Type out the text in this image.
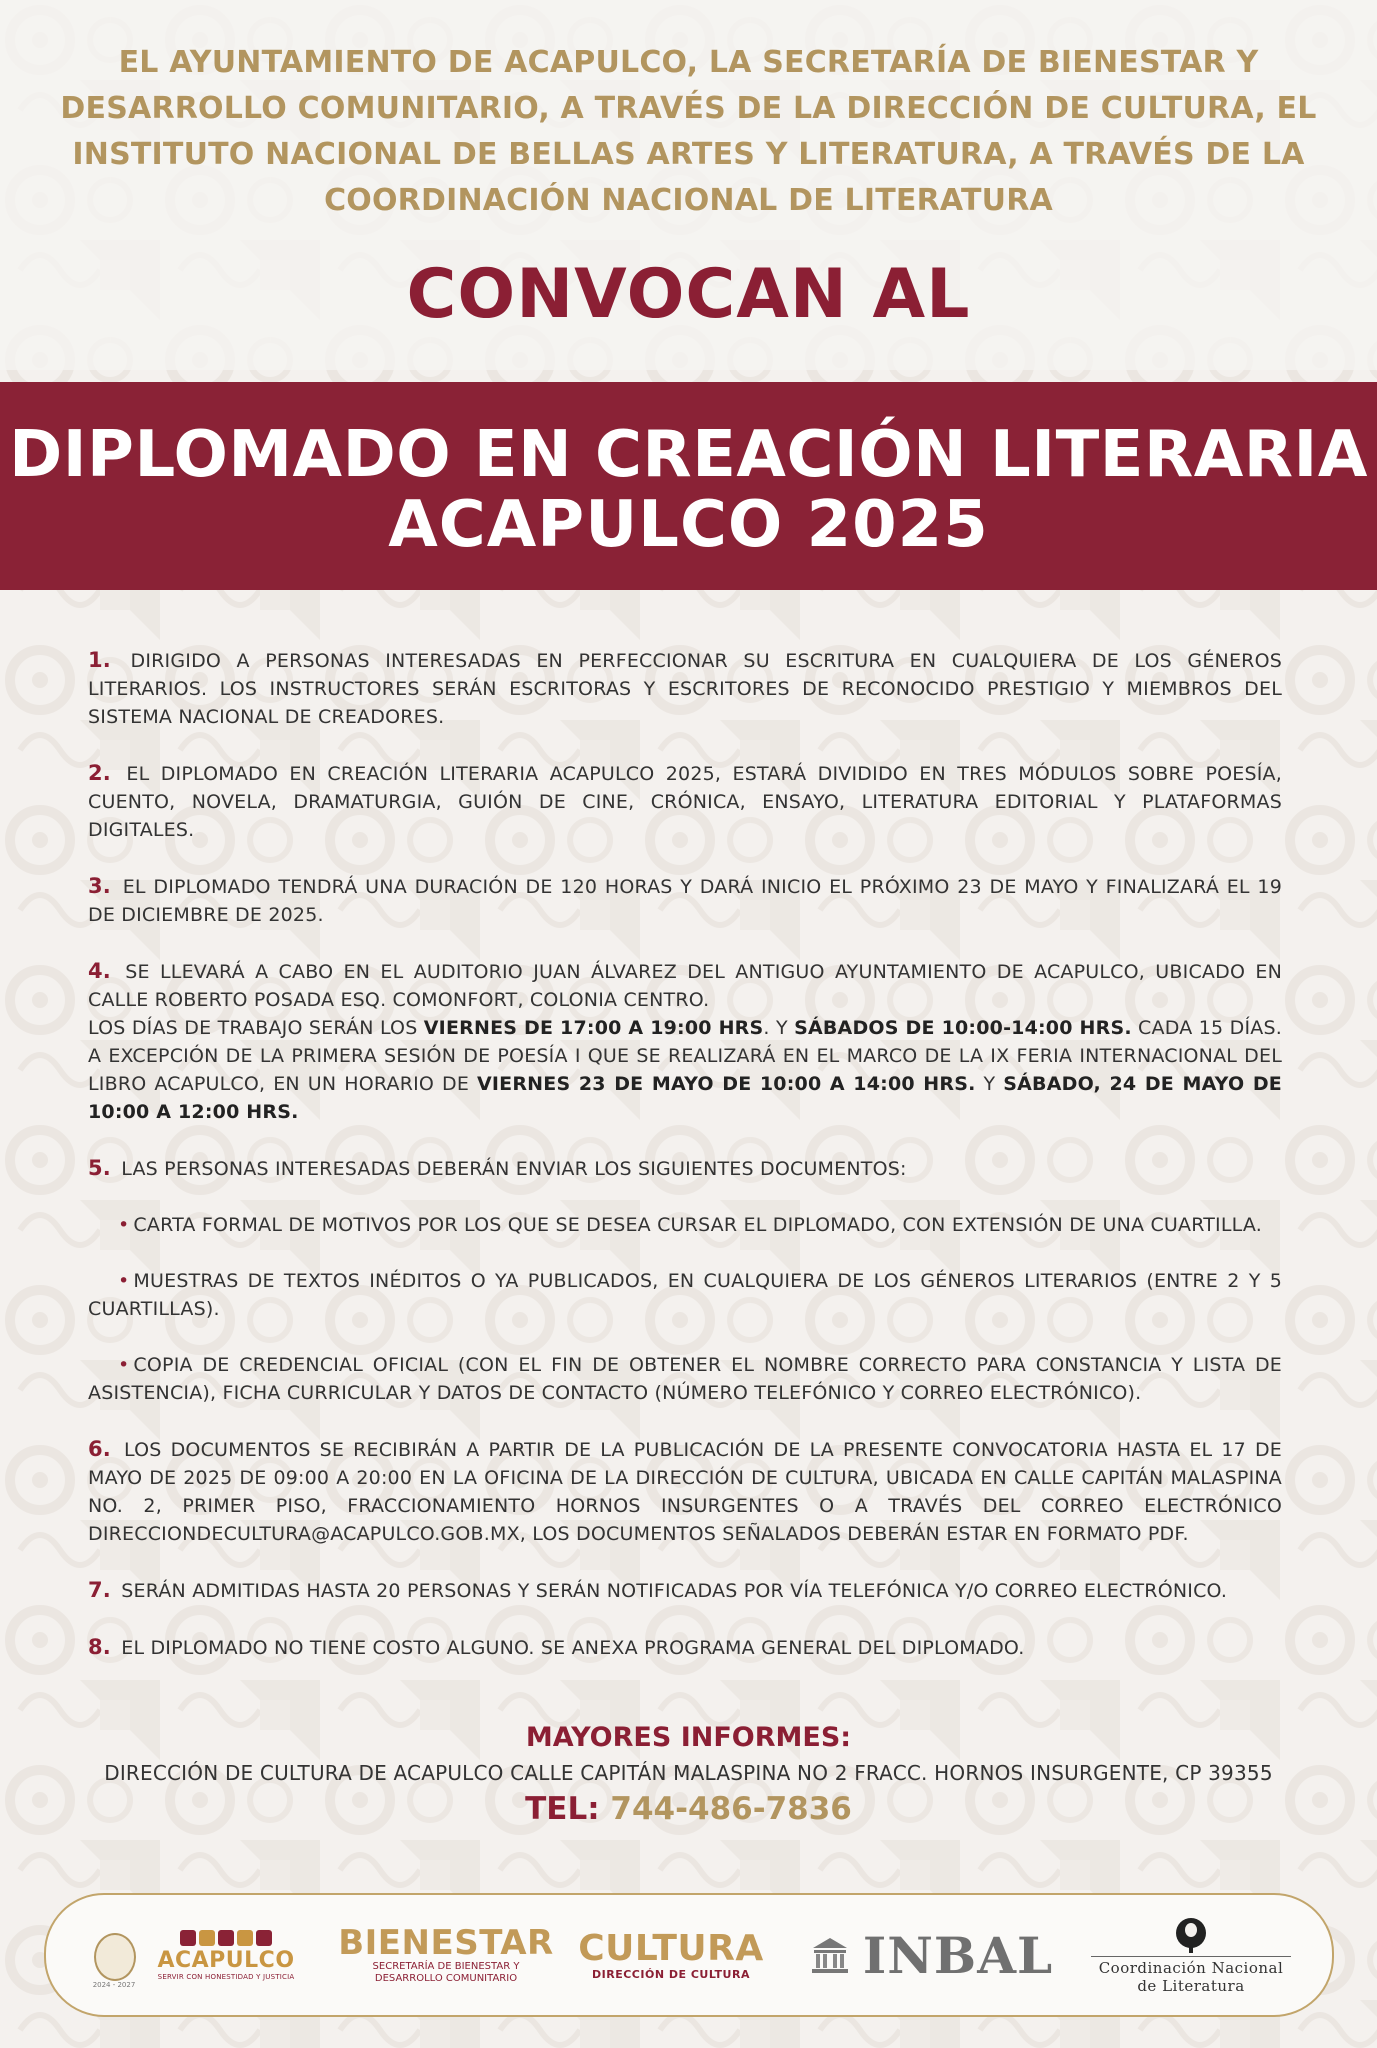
EL AYUNTAMIENTO DE ACAPULCO, LA SECRETARÍA DE BIENESTAR Y
DESARROLLO COMUNITARIO, A TRAVÉS DE LA DIRECCIÓN DE CULTURA, EL
INSTITUTO NACIONAL DE BELLAS ARTES Y LITERATURA, A TRAVÉS DE LA
COORDINACIÓN NACIONAL DE LITERATURA
CONVOCAN AL
DIPLOMADO EN CREACIÓN LITERARIA
ACAPULCO 2025

1. DIRIGIDO A PERSONAS INTERESADAS EN PERFECCIONAR SU ESCRITURA EN CUALQUIERA DE LOS GÉNEROS LITERARIOS. LOS INSTRUCTORES SERÁN ESCRITORAS Y ESCRITORES DE RECONOCIDO PRESTIGIO Y MIEMBROS DEL SISTEMA NACIONAL DE CREADORES.

2. EL DIPLOMADO EN CREACIÓN LITERARIA ACAPULCO 2025, ESTARÁ DIVIDIDO EN TRES MÓDULOS SOBRE POESÍA, CUENTO, NOVELA, DRAMATURGIA, GUIÓN DE CINE, CRÓNICA, ENSAYO, LITERATURA EDITORIAL Y PLATAFORMAS DIGITALES.

3. EL DIPLOMADO TENDRÁ UNA DURACIÓN DE 120 HORAS Y DARÁ INICIO EL PRÓXIMO 23 DE MAYO Y FINALIZARÁ EL 19 DE DICIEMBRE DE 2025.

4. SE LLEVARÁ A CABO EN EL AUDITORIO JUAN ÁLVAREZ DEL ANTIGUO AYUNTAMIENTO DE ACAPULCO, UBICADO EN CALLE ROBERTO POSADA ESQ. COMONFORT, COLONIA CENTRO.
LOS DÍAS DE TRABAJO SERÁN LOS VIERNES DE 17:00 A 19:00 HRS. Y SÁBADOS DE 10:00-14:00 HRS. CADA 15 DÍAS. A EXCEPCIÓN DE LA PRIMERA SESIÓN DE POESÍA I QUE SE REALIZARÁ EN EL MARCO DE LA IX FERIA INTERNACIONAL DEL LIBRO ACAPULCO, EN UN HORARIO DE VIERNES 23 DE MAYO DE 10:00 A 14:00 HRS. Y SÁBADO, 24 DE MAYO DE 10:00 A 12:00 HRS.

5. LAS PERSONAS INTERESADAS DEBERÁN ENVIAR LOS SIGUIENTES DOCUMENTOS:

• CARTA FORMAL DE MOTIVOS POR LOS QUE SE DESEA CURSAR EL DIPLOMADO, CON EXTENSIÓN DE UNA CUARTILLA.

• MUESTRAS DE TEXTOS INÉDITOS O YA PUBLICADOS, EN CUALQUIERA DE LOS GÉNEROS LITERARIOS (ENTRE 2 Y 5 CUARTILLAS).

• COPIA DE CREDENCIAL OFICIAL (CON EL FIN DE OBTENER EL NOMBRE CORRECTO PARA CONSTANCIA Y LISTA DE ASISTENCIA), FICHA CURRICULAR Y DATOS DE CONTACTO (NÚMERO TELEFÓNICO Y CORREO ELECTRÓNICO).

6. LOS DOCUMENTOS SE RECIBIRÁN A PARTIR DE LA PUBLICACIÓN DE LA PRESENTE CONVOCATORIA HASTA EL 17 DE MAYO DE 2025 DE 09:00 A 20:00 EN LA OFICINA DE LA DIRECCIÓN DE CULTURA, UBICADA EN CALLE CAPITÁN MALASPINA NO. 2, PRIMER PISO, FRACCIONAMIENTO HORNOS INSURGENTES O A TRAVÉS DEL CORREO ELECTRÓNICO DIRECCIONDECULTURA@ACAPULCO.GOB.MX, LOS DOCUMENTOS SEÑALADOS DEBERÁN ESTAR EN FORMATO PDF.

7. SERÁN ADMITIDAS HASTA 20 PERSONAS Y SERÁN NOTIFICADAS POR VÍA TELEFÓNICA Y/O CORREO ELECTRÓNICO.

8. EL DIPLOMADO NO TIENE COSTO ALGUNO. SE ANEXA PROGRAMA GENERAL DEL DIPLOMADO.

MAYORES INFORMES:
DIRECCIÓN DE CULTURA DE ACAPULCO CALLE CAPITÁN MALASPINA NO 2 FRACC. HORNOS INSURGENTE, CP 39355
TEL: 744-486-7836
2024 - 2027
ACAPULCO
SERVIR CON HONESTIDAD Y JUSTICIA
BIENESTAR
SECRETARÍA DE BIENESTAR Y
DESARROLLO COMUNITARIO
CULTURA
DIRECCIÓN DE CULTURA INBAL	Coordinación Nacional
de Literatura
